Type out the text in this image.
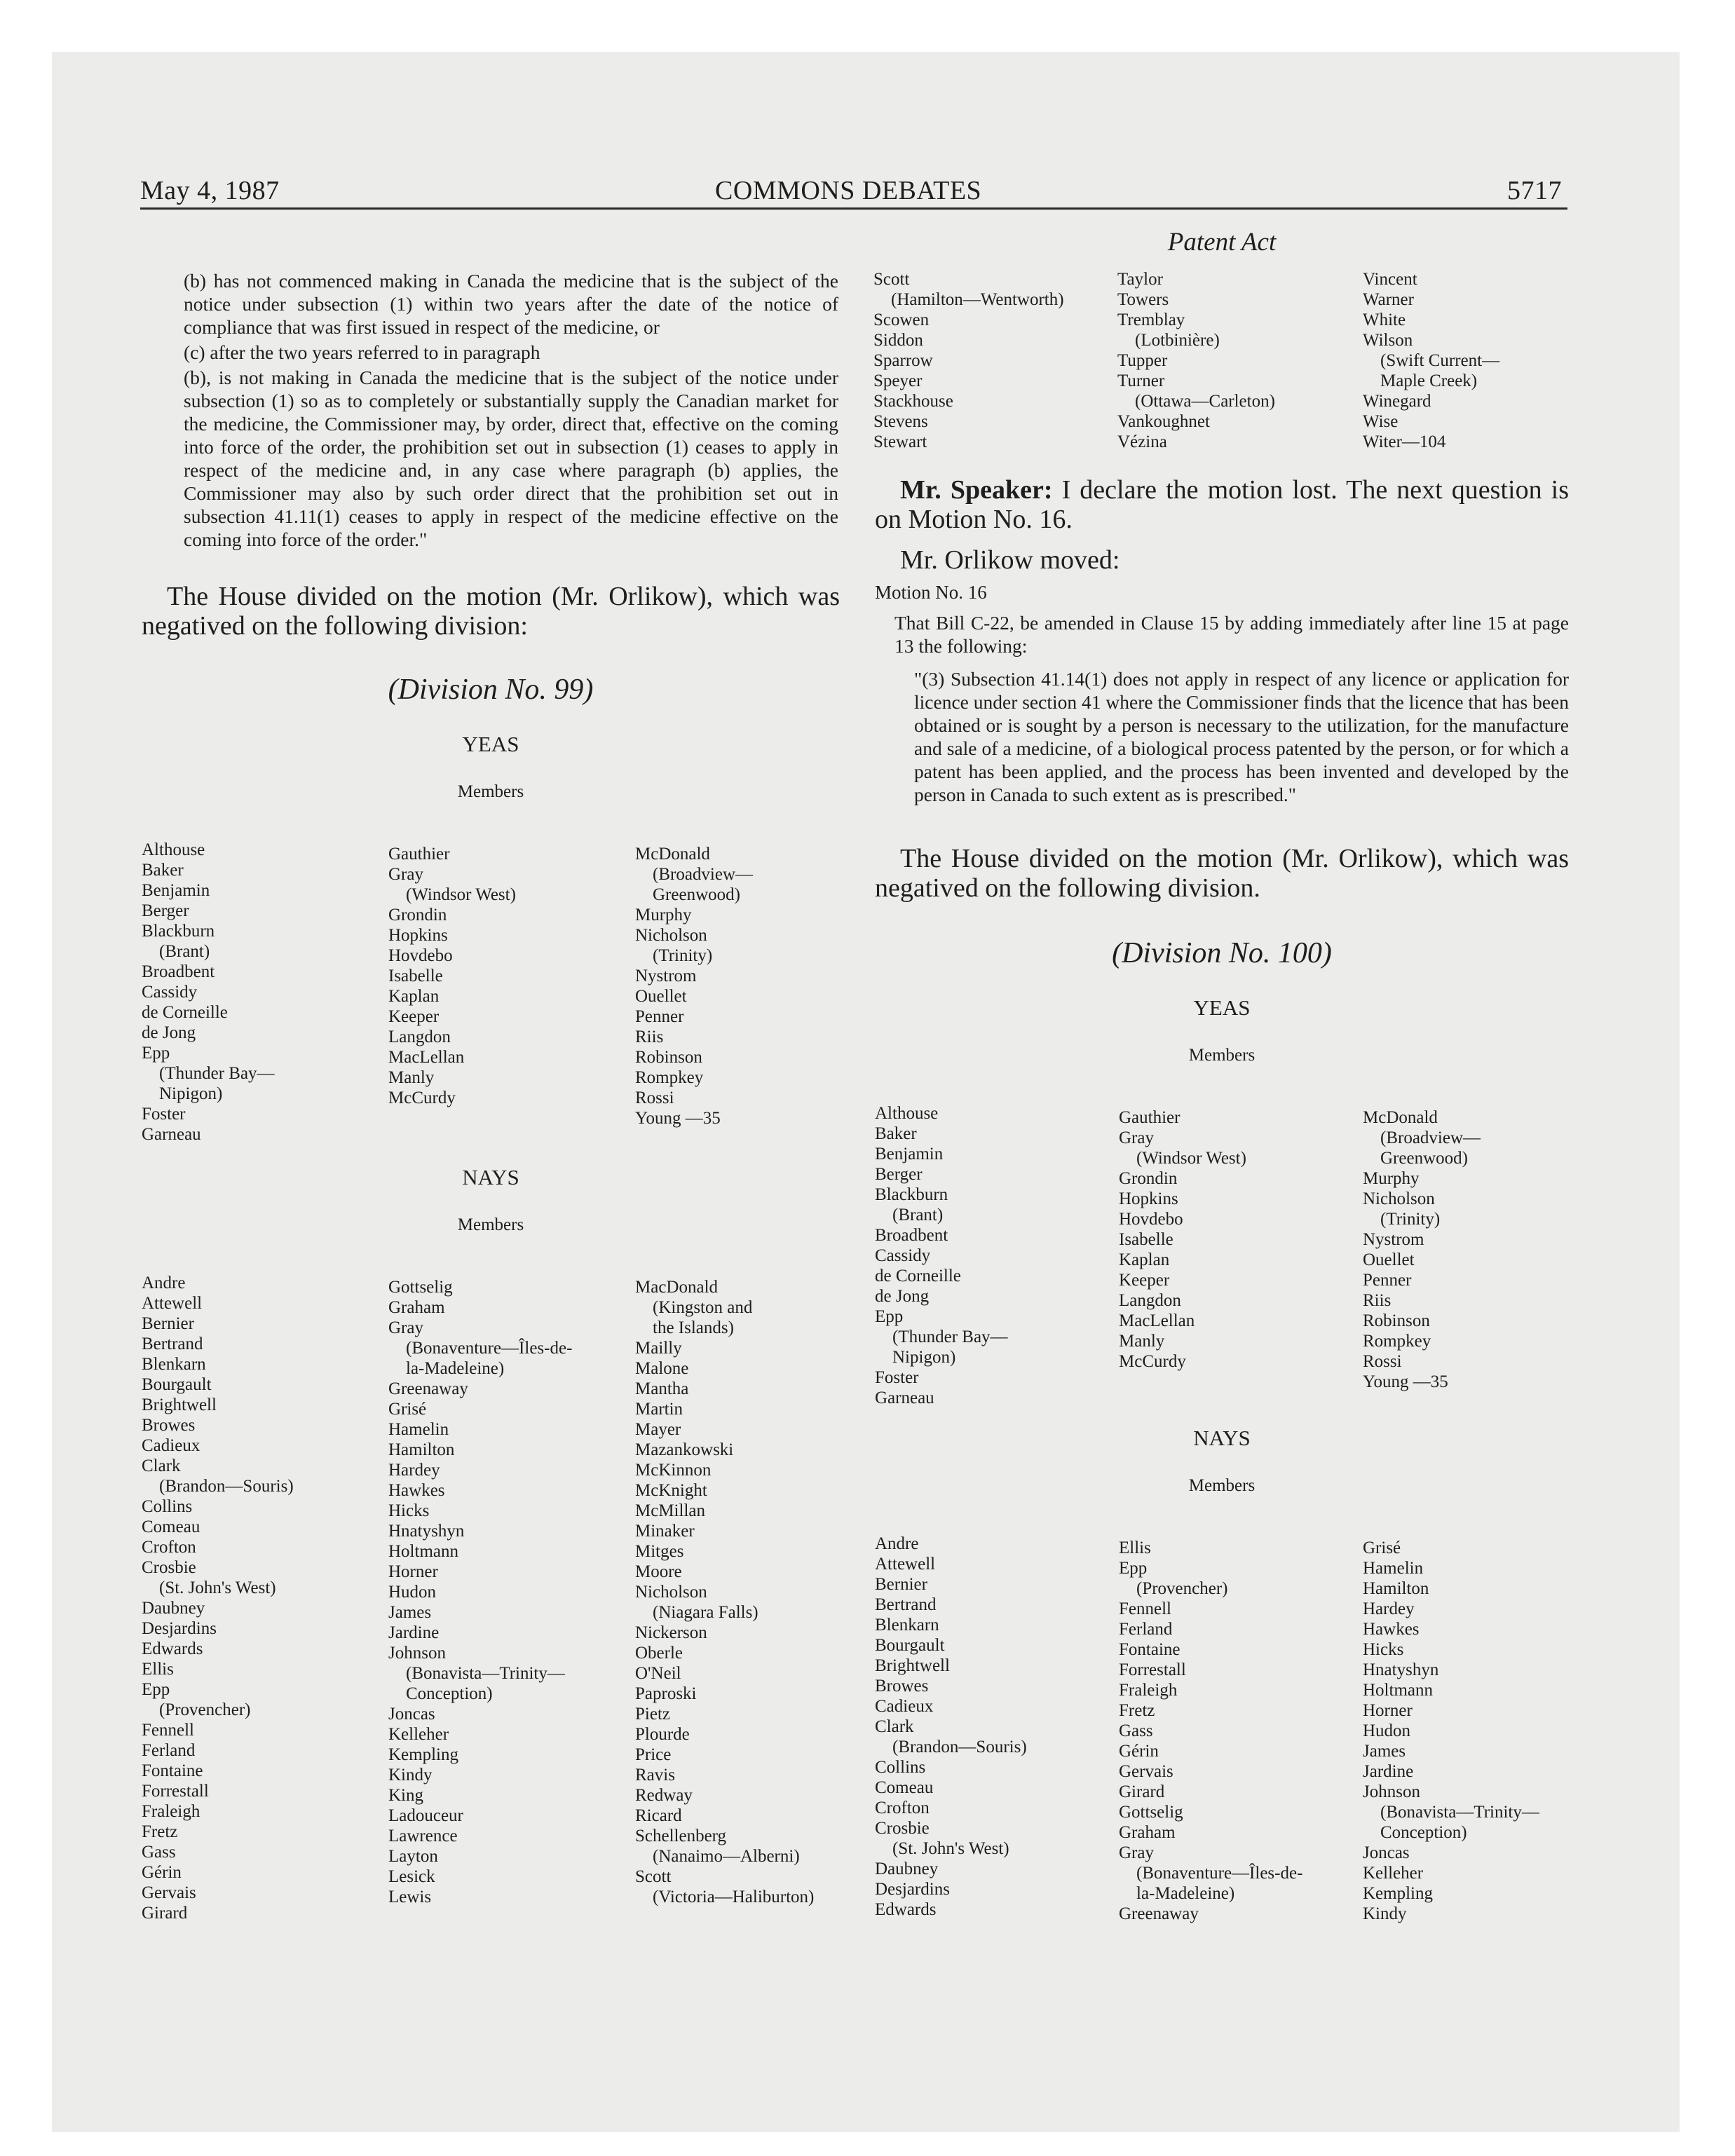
May 4, 1987	COMMONS DEBATES	5717

(b) has not commenced making in Canada the medicine that is the subject of the notice under subsection (1) within two years after the date of the notice of compliance that was first issued in respect of the medicine, or

(c) after the two years referred to in paragraph

(b), is not making in Canada the medicine that is the subject of the notice under subsection (1) so as to completely or substantially supply the Canadian market for the medicine, the Commissioner may, by order, direct that, effective on the coming into force of the order, the prohibition set out in subsection (1) ceases to apply in respect of the medicine and, in any case where paragraph (b) applies, the Commissioner may also by such order direct that the prohibition set out in subsection 41.11(1) ceases to apply in respect of the medicine effective on the coming into force of the order."

The House divided on the motion (Mr. Orlikow), which was negatived on the following division:
(Division No. 99)
YEAS
Members
Althouse
Baker
Benjamin
Berger
Blackburn
(Brant)
Broadbent
Cassidy
de Corneille
de Jong
Epp
(Thunder Bay—
Nipigon)
Foster
Garneau
Gauthier
Gray
(Windsor West)
Grondin
Hopkins
Hovdebo
Isabelle
Kaplan
Keeper
Langdon
MacLellan
Manly
McCurdy
McDonald
(Broadview—
Greenwood)
Murphy
Nicholson
(Trinity)
Nystrom
Ouellet
Penner
Riis
Robinson
Rompkey
Rossi
Young —35
NAYS
Members
Andre
Attewell
Bernier
Bertrand
Blenkarn
Bourgault
Brightwell
Browes
Cadieux
Clark
(Brandon—Souris)
Collins
Comeau
Crofton
Crosbie
(St. John's West)
Daubney
Desjardins
Edwards
Ellis
Epp
(Provencher)
Fennell
Ferland
Fontaine
Forrestall
Fraleigh
Fretz
Gass
Gérin
Gervais
Girard
Gottselig
Graham
Gray
(Bonaventure—Îles-de-
la-Madeleine)
Greenaway
Grisé
Hamelin
Hamilton
Hardey
Hawkes
Hicks
Hnatyshyn
Holtmann
Horner
Hudon
James
Jardine
Johnson
(Bonavista—Trinity—
Conception)
Joncas
Kelleher
Kempling
Kindy
King
Ladouceur
Lawrence
Layton
Lesick
Lewis
MacDonald
(Kingston and
the Islands)
Mailly
Malone
Mantha
Martin
Mayer
Mazankowski
McKinnon
McKnight
McMillan
Minaker
Mitges
Moore
Nicholson
(Niagara Falls)
Nickerson
Oberle
O'Neil
Paproski
Pietz
Plourde
Price
Ravis
Redway
Ricard
Schellenberg
(Nanaimo—Alberni)
Scott
(Victoria—Haliburton)
Patent Act
Scott
(Hamilton—Wentworth)
Scowen
Siddon
Sparrow
Speyer
Stackhouse
Stevens
Stewart
Taylor
Towers
Tremblay
(Lotbinière)
Tupper
Turner
(Ottawa—Carleton)
Vankoughnet
Vézina
Vincent
Warner
White
Wilson
(Swift Current—
Maple Creek)
Winegard
Wise
Witer—104
Mr. Speaker: I declare the motion lost. The next question is on Motion No. 16.
Mr. Orlikow moved:
Motion No. 16
That Bill C-22, be amended in Clause 15 by adding immediately after line 15 at page 13 the following:
"(3) Subsection 41.14(1) does not apply in respect of any licence or application for licence under section 41 where the Commissioner finds that the licence that has been obtained or is sought by a person is necessary to the utilization, for the manufacture and sale of a medicine, of a biological process patented by the person, or for which a patent has been applied, and the process has been invented and developed by the person in Canada to such extent as is prescribed."
The House divided on the motion (Mr. Orlikow), which was negatived on the following division.
(Division No. 100)
YEAS
Members
Althouse
Baker
Benjamin
Berger
Blackburn
(Brant)
Broadbent
Cassidy
de Corneille
de Jong
Epp
(Thunder Bay—
Nipigon)
Foster
Garneau
Gauthier
Gray
(Windsor West)
Grondin
Hopkins
Hovdebo
Isabelle
Kaplan
Keeper
Langdon
MacLellan
Manly
McCurdy
McDonald
(Broadview—
Greenwood)
Murphy
Nicholson
(Trinity)
Nystrom
Ouellet
Penner
Riis
Robinson
Rompkey
Rossi
Young —35
NAYS
Members
Andre
Attewell
Bernier
Bertrand
Blenkarn
Bourgault
Brightwell
Browes
Cadieux
Clark
(Brandon—Souris)
Collins
Comeau
Crofton
Crosbie
(St. John's West)
Daubney
Desjardins
Edwards
Ellis
Epp
(Provencher)
Fennell
Ferland
Fontaine
Forrestall
Fraleigh
Fretz
Gass
Gérin
Gervais
Girard
Gottselig
Graham
Gray
(Bonaventure—Îles-de-
la-Madeleine)
Greenaway
Grisé
Hamelin
Hamilton
Hardey
Hawkes
Hicks
Hnatyshyn
Holtmann
Horner
Hudon
James
Jardine
Johnson
(Bonavista—Trinity—
Conception)
Joncas
Kelleher
Kempling
Kindy
